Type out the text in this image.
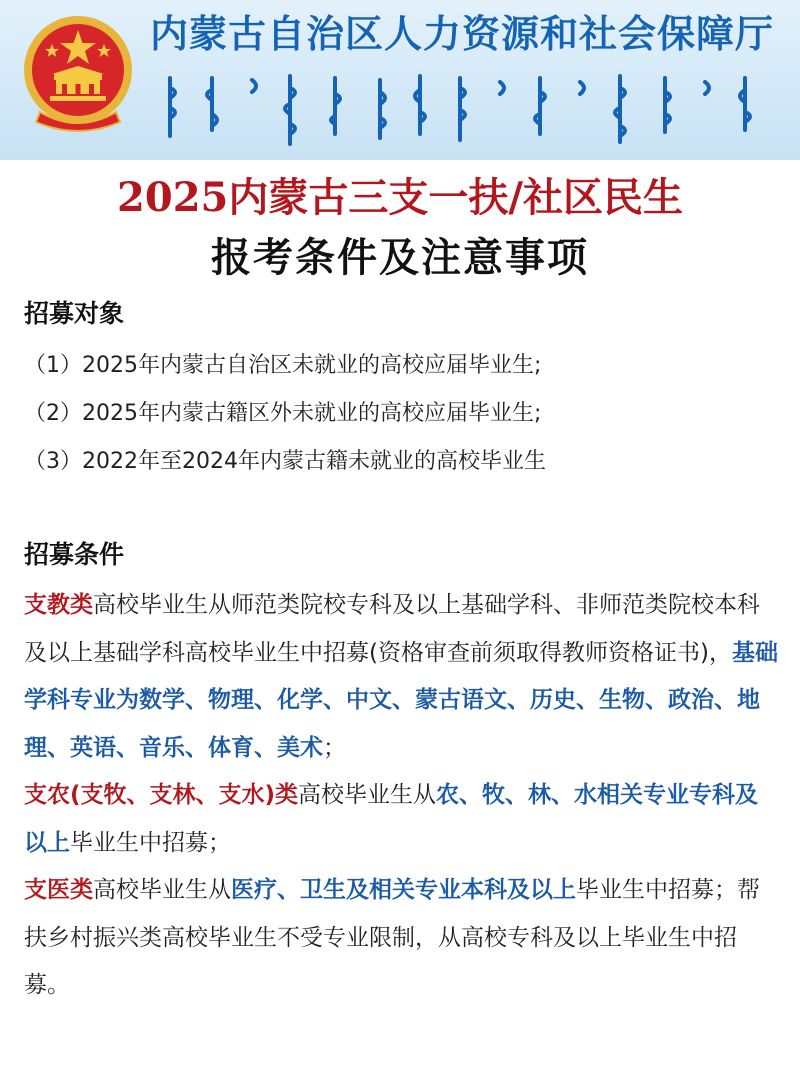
内蒙古自治区人力资源和社会保障厅
2025内蒙古三支一扶/社区民生
报考条件及注意事项
招募对象
（1）2025年内蒙古自治区未就业的高校应届毕业生;
（2）2025年内蒙古籍区外未就业的高校应届毕业生;
（3）2022年至2024年内蒙古籍未就业的高校毕业生
招募条件

支教类高校毕业生从师范类院校专科及以上基础学科、非师范类院校本科及以上基础学科高校毕业生中招募(资格审查前须取得教师资格证书)，基础学科专业为数学、物理、化学、中文、蒙古语文、历史、生物、政治、地理、英语、音乐、体育、美术；

支农(支牧、支林、支水)类高校毕业生从农、牧、林、水相关专业专科及以上毕业生中招募；

支医类高校毕业生从医疗、卫生及相关专业本科及以上毕业生中招募；帮扶乡村振兴类高校毕业生不受专业限制，从高校专科及以上毕业生中招募。
